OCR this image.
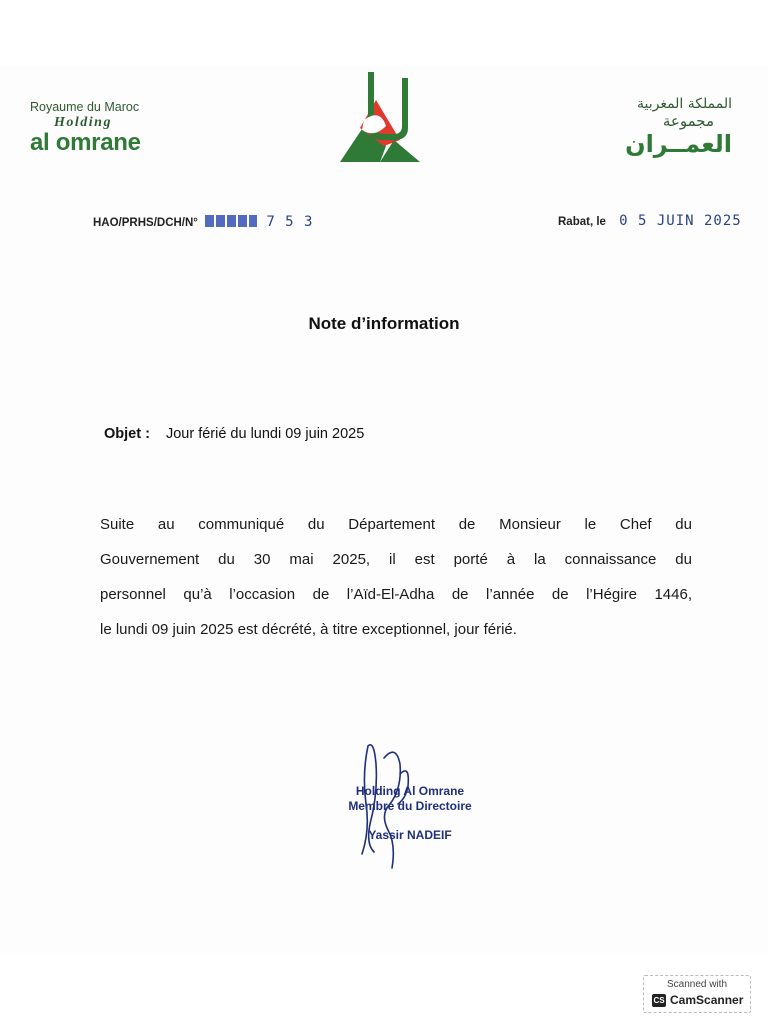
Royaume du Maroc
Holding
al omrane
المملكة المغربية
مجموعة
العمــران
HAO/PRHS/DCH/N°	7 5 3	Rabat, le 0 5 JUIN 2025
Note d’information
Objet : Jour férié du lundi 09 juin 2025

Suite au communiqué du Département de Monsieur le Chef du

Gouvernement du 30 mai 2025, il est porté à la connaissance du

personnel qu’à l’occasion de l’Aïd-El-Adha de l’année de l’Hégire 1446,

le lundi 09 juin 2025 est décrété, à titre exceptionnel, jour férié.

Holding Al Omrane
Membre du Directoire
Yassir NADEIF
Scanned with
CS CamScanner
